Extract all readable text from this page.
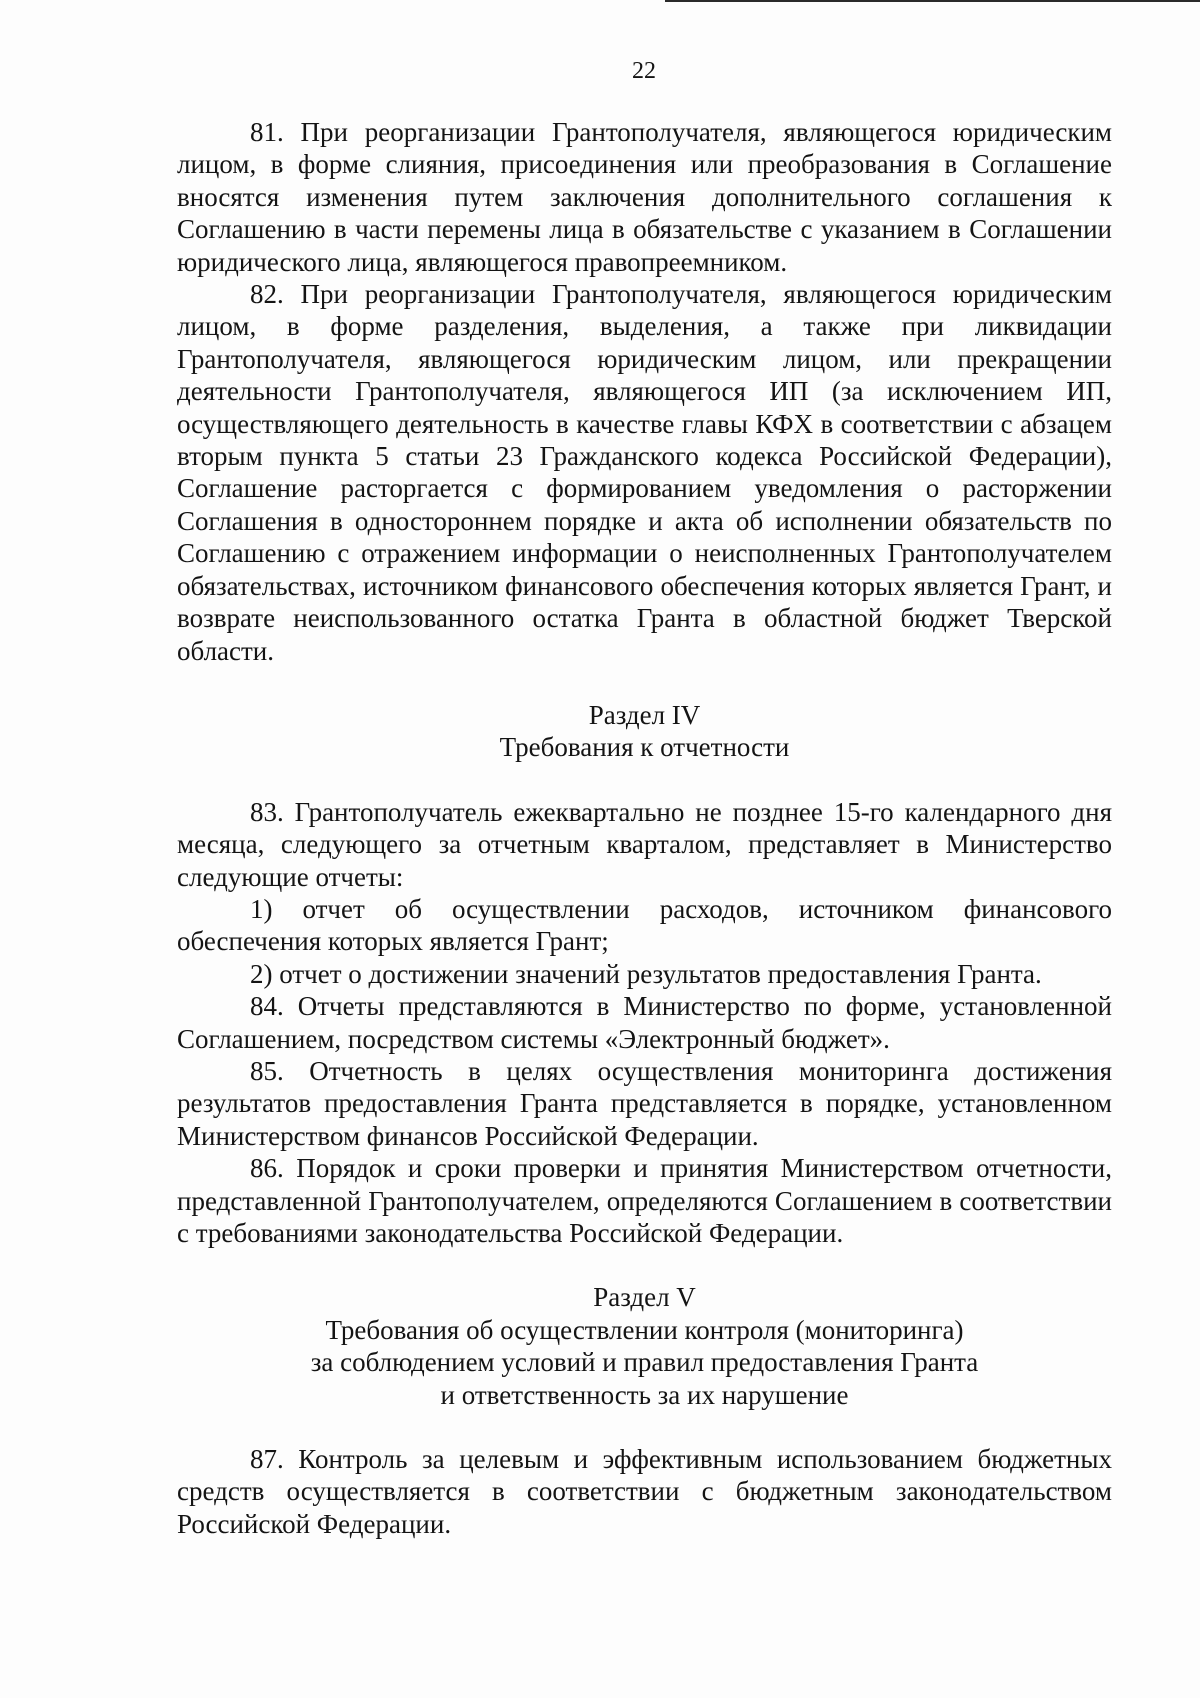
22

81. При реорганизации Грантополучателя, являющегося юридическим лицом, в форме слияния, присоединения или преобразования в Соглашение вносятся изменения путем заключения дополнительного соглашения к Соглашению в части перемены лица в обязательстве с указанием в Соглашении юридического лица, являющегося правопреемником.

82. При реорганизации Грантополучателя, являющегося юридическим лицом, в форме разделения, выделения, а также при ликвидации Грантополучателя, являющегося юридическим лицом, или прекращении деятельности Грантополучателя, являющегося ИП (за исключением ИП, осуществляющего деятельность в качестве главы КФХ в соответствии с абзацем вторым пункта 5 статьи 23 Гражданского кодекса Российской Федерации), Соглашение расторгается с формированием уведомления о расторжении Соглашения в одностороннем порядке и акта об исполнении обязательств по Соглашению с отражением информации о неисполненных Грантополучателем обязательствах, источником финансового обеспечения которых является Грант, и возврате неиспользованного остатка Гранта в областной бюджет Тверской области.

Раздел IV
Требования к отчетности

83. Грантополучатель ежеквартально не позднее 15-го календарного дня месяца, следующего за отчетным кварталом, представляет в Министерство следующие отчеты:

1) отчет об осуществлении расходов, источником финансового обеспечения которых является Грант;

2) отчет о достижении значений результатов предоставления Гранта.

84. Отчеты представляются в Министерство по форме, установленной Соглашением, посредством системы «Электронный бюджет».

85. Отчетность в целях осуществления мониторинга достижения результатов предоставления Гранта представляется в порядке, установленном Министерством финансов Российской Федерации.

86. Порядок и сроки проверки и принятия Министерством отчетности, представленной Грантополучателем, определяются Соглашением в соответствии с требованиями законодательства Российской Федерации.

Раздел V
Требования об осуществлении контроля (мониторинга)
за соблюдением условий и правил предоставления Гранта
и ответственность за их нарушение

87. Контроль за целевым и эффективным использованием бюджетных средств осуществляется в соответствии с бюджетным законодательством Российской Федерации.
